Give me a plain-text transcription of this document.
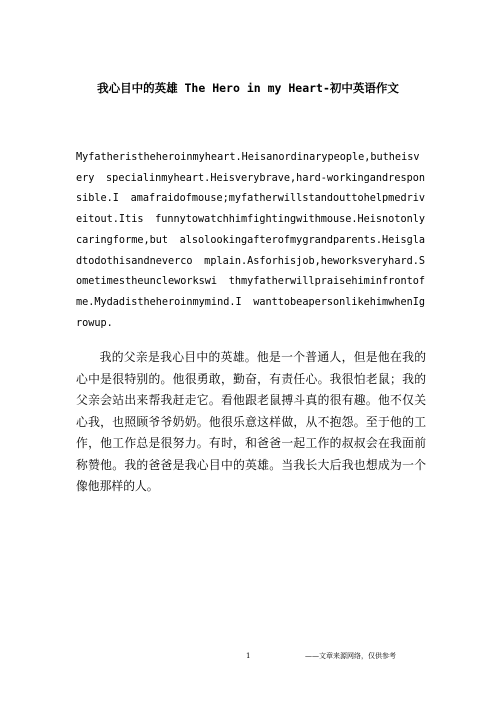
我心目中的英雄 The Hero in my Heart-初中英语作文

Myfatheristheheroinmyheart.Heisanordinarypeople,butheisvery specialinmyheart.Heisverybrave,hard-workingandresponsible.I amafraidofmouse;myfatherwillstandouttohelpmedriveitout.Itis funnytowatchhimfightingwithmouse.Heisnotonlycaringforme,but alsolookingafterofmygrandparents.Heisgladtodothisandneverco mplain.Asforhisjob,heworksveryhard.Sometimestheuncleworkswi thmyfatherwillpraisehiminfrontofme.Mydadistheheroinmymind.I wanttobeapersonlikehimwhenIgrowup.

我的父亲是我心目中的英雄。他是一个普通人，但是他在我的心中是很特别的。他很勇敢，勤奋，有责任心。我很怕老鼠；我的父亲会站出来帮我赶走它。看他跟老鼠搏斗真的很有趣。他不仅关心我，也照顾爷爷奶奶。他很乐意这样做，从不抱怨。至于他的工作，他工作总是很努力。有时，和爸爸一起工作的叔叔会在我面前称赞他。我的爸爸是我心目中的英雄。当我长大后我也想成为一个像他那样的人。

1	——文章来源网络，仅供参考
